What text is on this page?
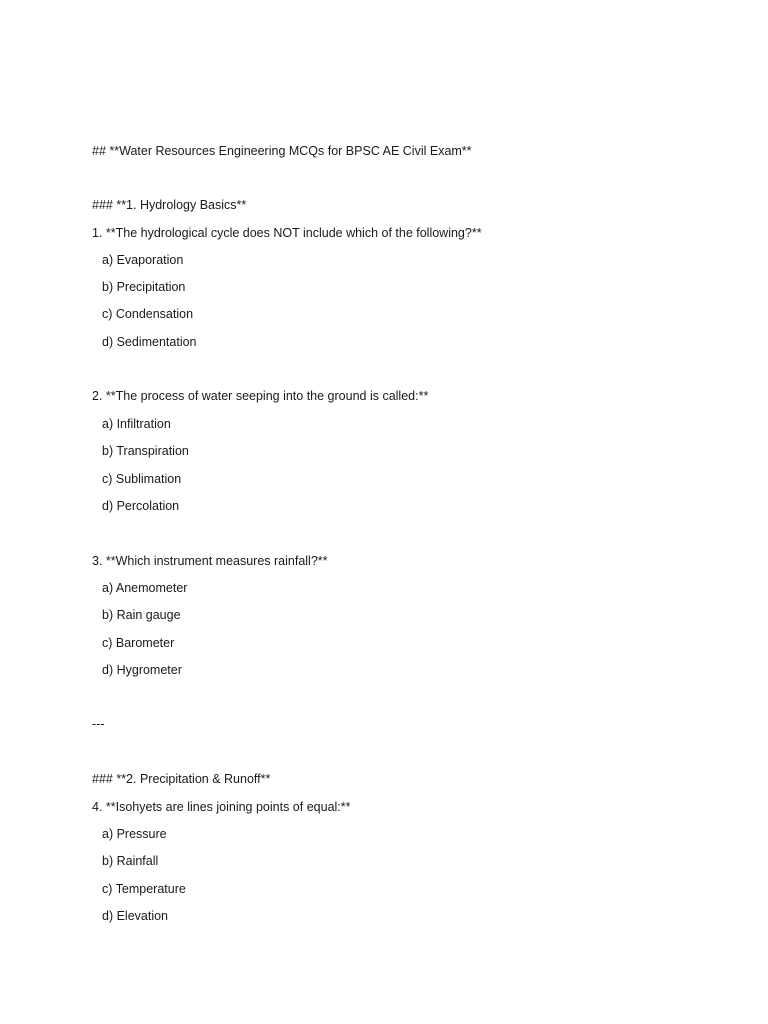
## **Water Resources Engineering MCQs for BPSC AE Civil Exam**
### **1. Hydrology Basics**
1. **The hydrological cycle does NOT include which of the following?**
a) Evaporation
b) Precipitation
c) Condensation
d) Sedimentation
2. **The process of water seeping into the ground is called:**
a) Infiltration
b) Transpiration
c) Sublimation
d) Percolation
3. **Which instrument measures rainfall?**
a) Anemometer
b) Rain gauge
c) Barometer
d) Hygrometer
---
### **2. Precipitation & Runoff**
4. **Isohyets are lines joining points of equal:**
a) Pressure
b) Rainfall
c) Temperature
d) Elevation
